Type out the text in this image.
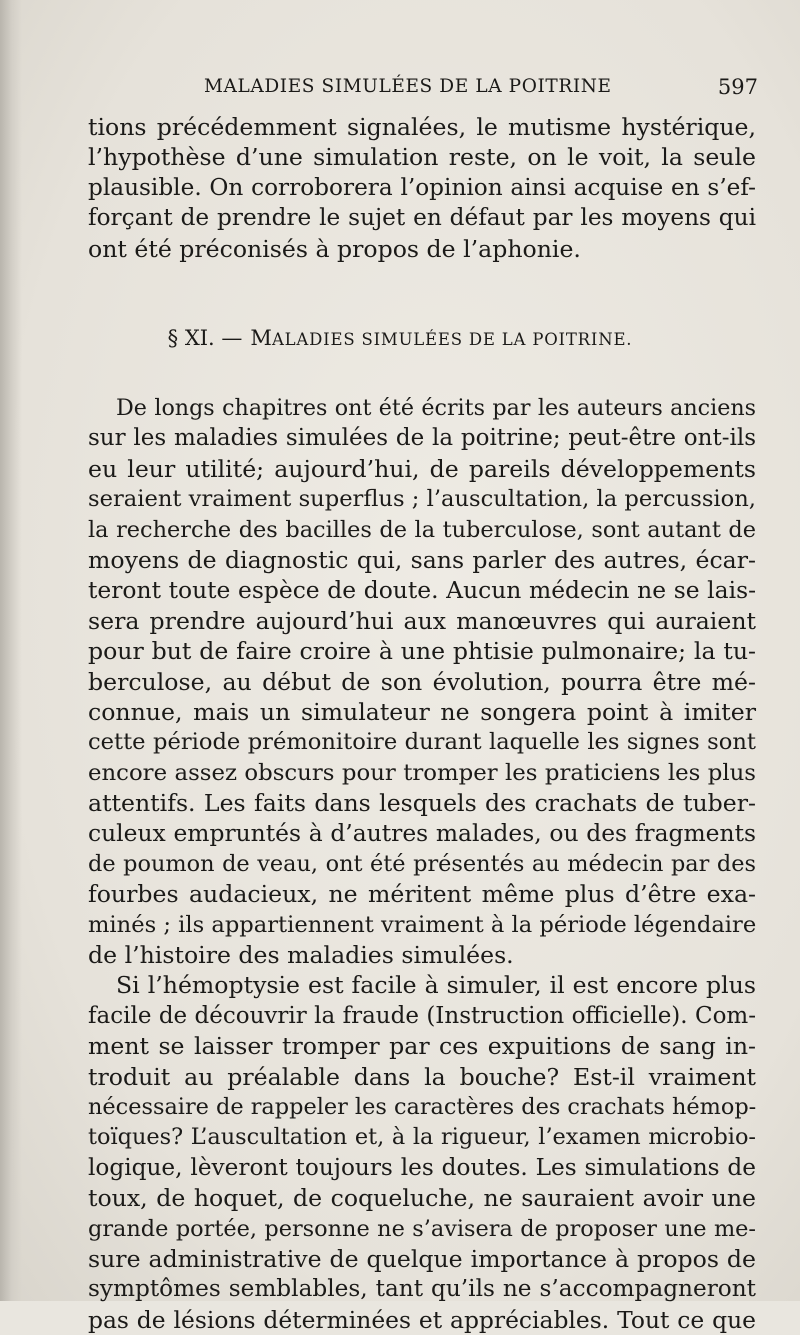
MALADIES SIMULÉES DE LA POITRINE	597
tions précédemment signalées, le mutisme hystérique,
l’hypothèse d’une simulation reste, on le voit, la seule
plausible. On corroborera l’opinion ainsi acquise en s’ef-
forçant de prendre le sujet en défaut par les moyens qui
ont été préconisés à propos de l’aphonie.
§ XI. — MALADIES SIMULÉES DE LA POITRINE.
De longs chapitres ont été écrits par les auteurs anciens
sur les maladies simulées de la poitrine; peut-être ont-ils
eu leur utilité; aujourd’hui, de pareils développements
seraient vraiment superflus ; l’auscultation, la percussion,
la recherche des bacilles de la tuberculose, sont autant de
moyens de diagnostic qui, sans parler des autres, écar-
teront toute espèce de doute. Aucun médecin ne se lais-
sera prendre aujourd’hui aux manœuvres qui auraient
pour but de faire croire à une phtisie pulmonaire; la tu-
berculose, au début de son évolution, pourra être mé-
connue, mais un simulateur ne songera point à imiter
cette période prémonitoire durant laquelle les signes sont
encore assez obscurs pour tromper les praticiens les plus
attentifs. Les faits dans lesquels des crachats de tuber-
culeux empruntés à d’autres malades, ou des fragments
de poumon de veau, ont été présentés au médecin par des
fourbes audacieux, ne méritent même plus d’être exa-
minés ; ils appartiennent vraiment à la période légendaire
de l’histoire des maladies simulées.
Si l’hémoptysie est facile à simuler, il est encore plus
facile de découvrir la fraude (Instruction officielle). Com-
ment se laisser tromper par ces expuitions de sang in-
troduit au préalable dans la bouche? Est-il vraiment
nécessaire de rappeler les caractères des crachats hémop-
toïques? L’auscultation et, à la rigueur, l’examen microbio-
logique, lèveront toujours les doutes. Les simulations de
toux, de hoquet, de coqueluche, ne sauraient avoir une
grande portée, personne ne s’avisera de proposer une me-
sure administrative de quelque importance à propos de
symptômes semblables, tant qu’ils ne s’accompagneront
pas de lésions déterminées et appréciables. Tout ce que
